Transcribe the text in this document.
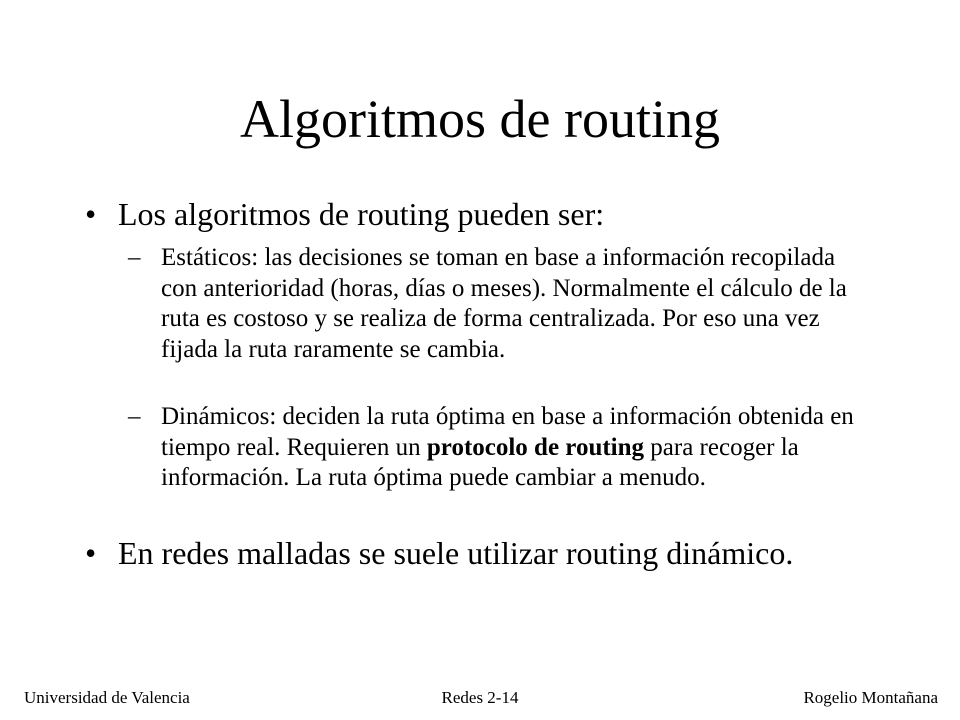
Algoritmos de routing
• Los algoritmos de routing pueden ser:
– Estáticos: las decisiones se toman en base a información recopilada con anterioridad (horas, días o meses). Normalmente el cálculo de la ruta es costoso y se realiza de forma centralizada. Por eso una vez fijada la ruta raramente se cambia.
– Dinámicos: deciden la ruta óptima en base a información obtenida en tiempo real. Requieren un protocolo de routing para recoger la información. La ruta óptima puede cambiar a menudo.
• En redes malladas se suele utilizar routing dinámico.
Universidad de Valencia	Redes 2-14	Rogelio Montañana
